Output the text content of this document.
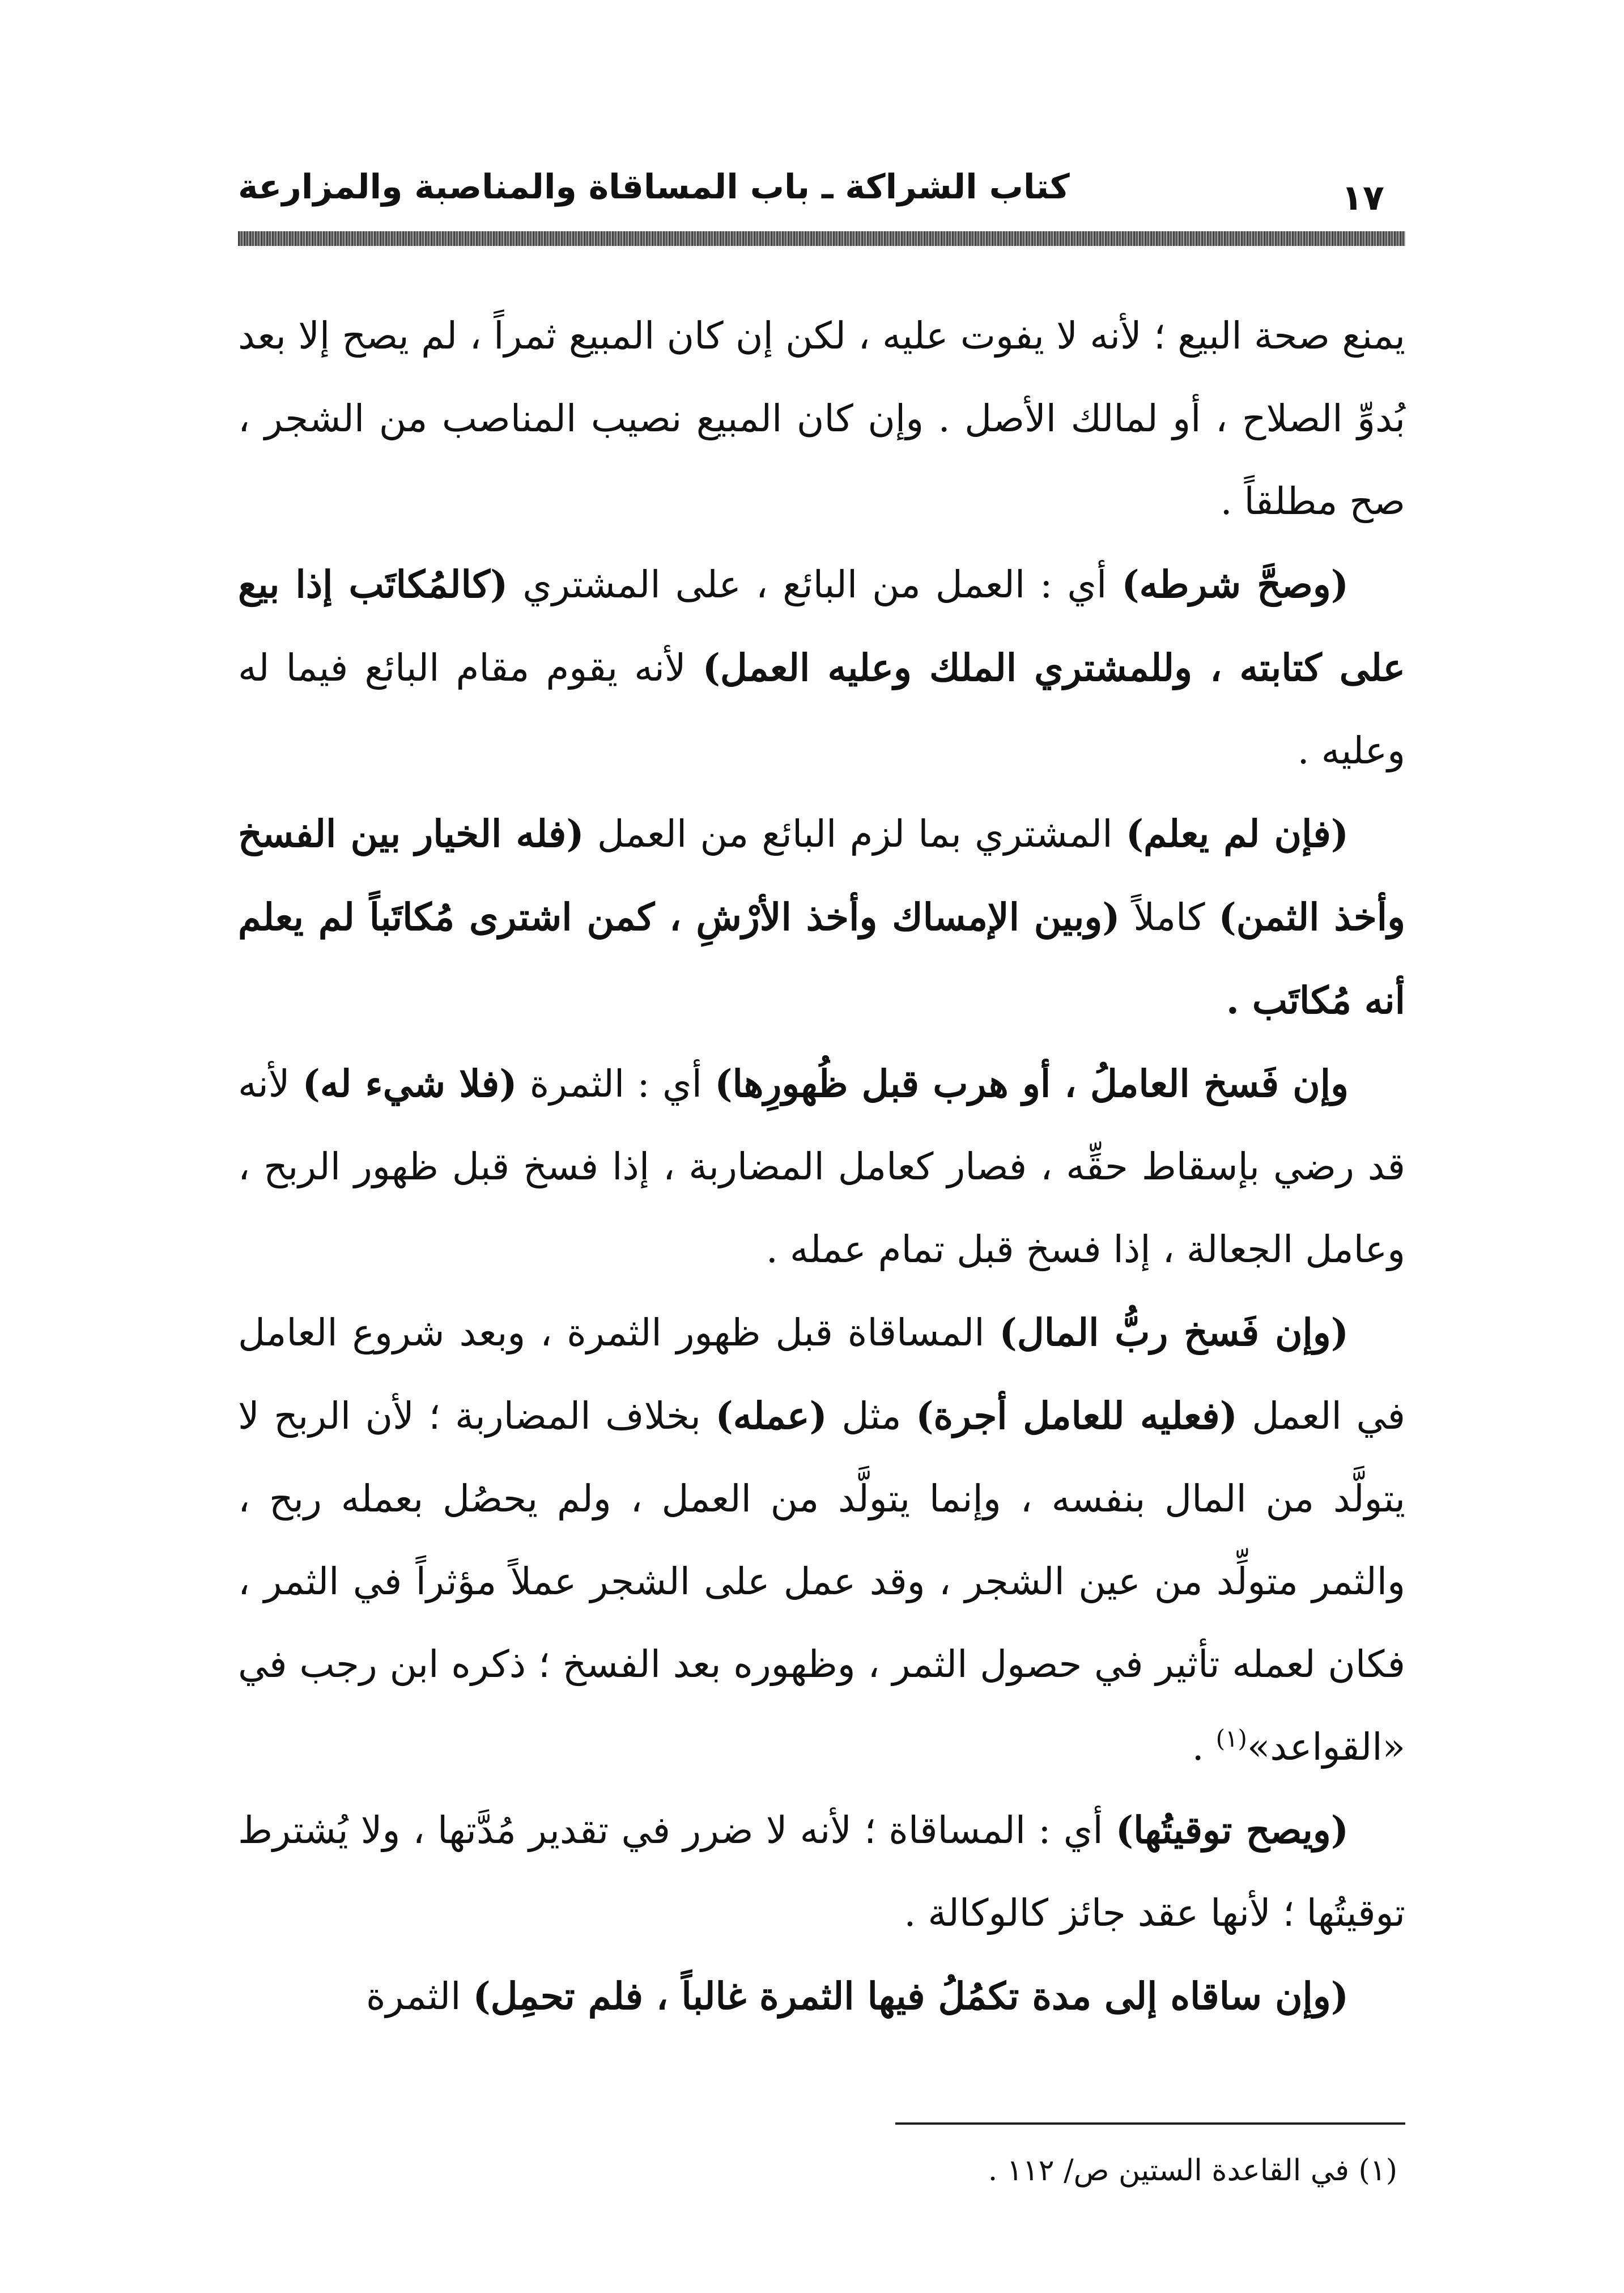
١٧
كتاب الشراكة ـ باب المساقاة والمناصبة والمزارعة

يمنع صحة البيع ؛ لأنه لا يفوت عليه ، لكن إن كان المبيع ثمراً ، لم يصح إلا بعد بُدوِّ الصلاح ، أو لمالك الأصل . وإن كان المبيع نصيب المناصب من الشجر ، صح مطلقاً .

(وصحَّ شرطه) أي : العمل من البائع ، على المشتري (كالمُكاتَب إذا بيع على كتابته ، وللمشتري الملك وعليه العمل) لأنه يقوم مقام البائع فيما له وعليه .

(فإن لم يعلم) المشتري بما لزم البائع من العمل (فله الخيار بين الفسخ وأخذ الثمن) كاملاً (وبين الإمساك وأخذ الأرْشِ ، كمن اشترى مُكاتَباً لم يعلم أنه مُكاتَب .

وإن فَسخ العاملُ ، أو هرب قبل ظُهورِها) أي : الثمرة (فلا شيء له) لأنه قد رضي بإسقاط حقِّه ، فصار كعامل المضاربة ، إذا فسخ قبل ظهور الربح ، وعامل الجعالة ، إذا فسخ قبل تمام عمله .

(وإن فَسخ ربُّ المال) المساقاة قبل ظهور الثمرة ، وبعد شروع العامل في العمل (فعليه للعامل أجرة) مثل (عمله) بخلاف المضاربة ؛ لأن الربح لا يتولَّد من المال بنفسه ، وإنما يتولَّد من العمل ، ولم يحصُل بعمله ربح ، والثمر متولِّد من عين الشجر ، وقد عمل على الشجر عملاً مؤثراً في الثمر ، فكان لعمله تأثير في حصول الثمر ، وظهوره بعد الفسخ ؛ ذكره ابن رجب في «القواعد»$^{(١)}$ .

(ويصح توقيتُها) أي : المساقاة ؛ لأنه لا ضرر في تقدير مُدَّتها ، ولا يُشترط توقيتُها ؛ لأنها عقد جائز كالوكالة .

(وإن ساقاه إلى مدة تكمُلُ فيها الثمرة غالباً ، فلم تحمِل) الثمرة

(١) في القاعدة الستين ص/ ١١٢ .
